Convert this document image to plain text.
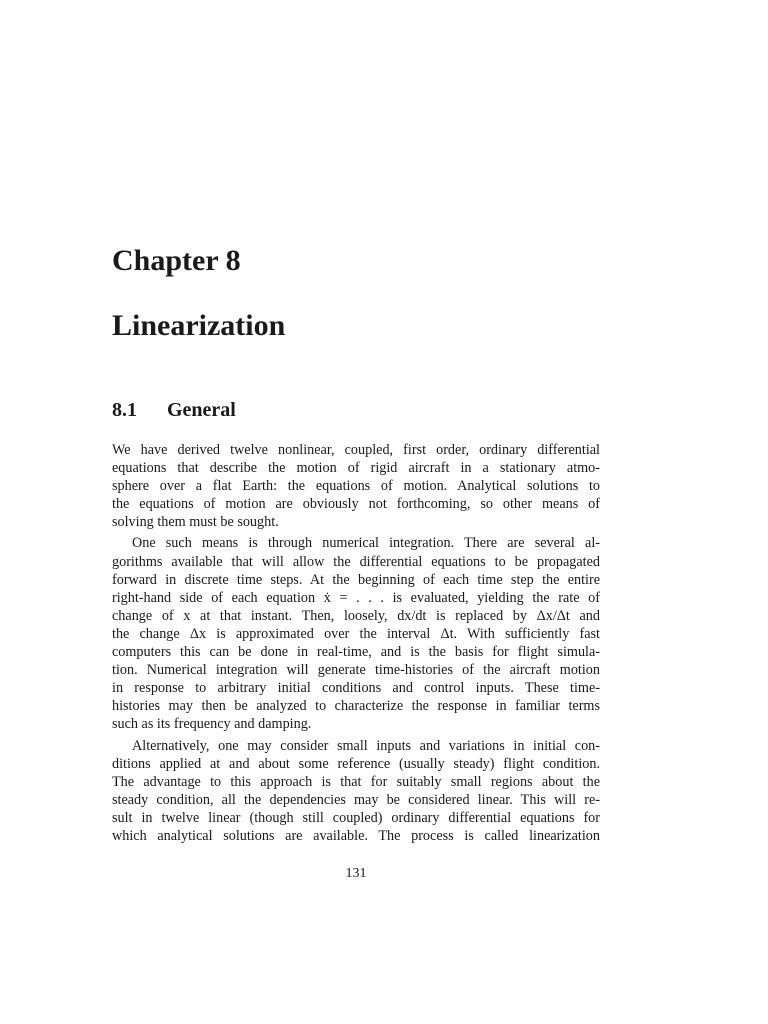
Chapter 8
Linearization
8.1 General
We have derived twelve nonlinear, coupled, first order, ordinary differential
equations that describe the motion of rigid aircraft in a stationary atmo-
sphere over a flat Earth: the equations of motion. Analytical solutions to
the equations of motion are obviously not forthcoming, so other means of
solving them must be sought.
One such means is through numerical integration. There are several al-
gorithms available that will allow the differential equations to be propagated
forward in discrete time steps. At the beginning of each time step the entire
right-hand side of each equation ẋ = . . . is evaluated, yielding the rate of
change of x at that instant. Then, loosely, dx/dt is replaced by Δx/Δt and
the change Δx is approximated over the interval Δt. With sufficiently fast
computers this can be done in real-time, and is the basis for flight simula-
tion. Numerical integration will generate time-histories of the aircraft motion
in response to arbitrary initial conditions and control inputs. These time-
histories may then be analyzed to characterize the response in familiar terms
such as its frequency and damping.
Alternatively, one may consider small inputs and variations in initial con-
ditions applied at and about some reference (usually steady) flight condition.
The advantage to this approach is that for suitably small regions about the
steady condition, all the dependencies may be considered linear. This will re-
sult in twelve linear (though still coupled) ordinary differential equations for
which analytical solutions are available. The process is called linearization
131
